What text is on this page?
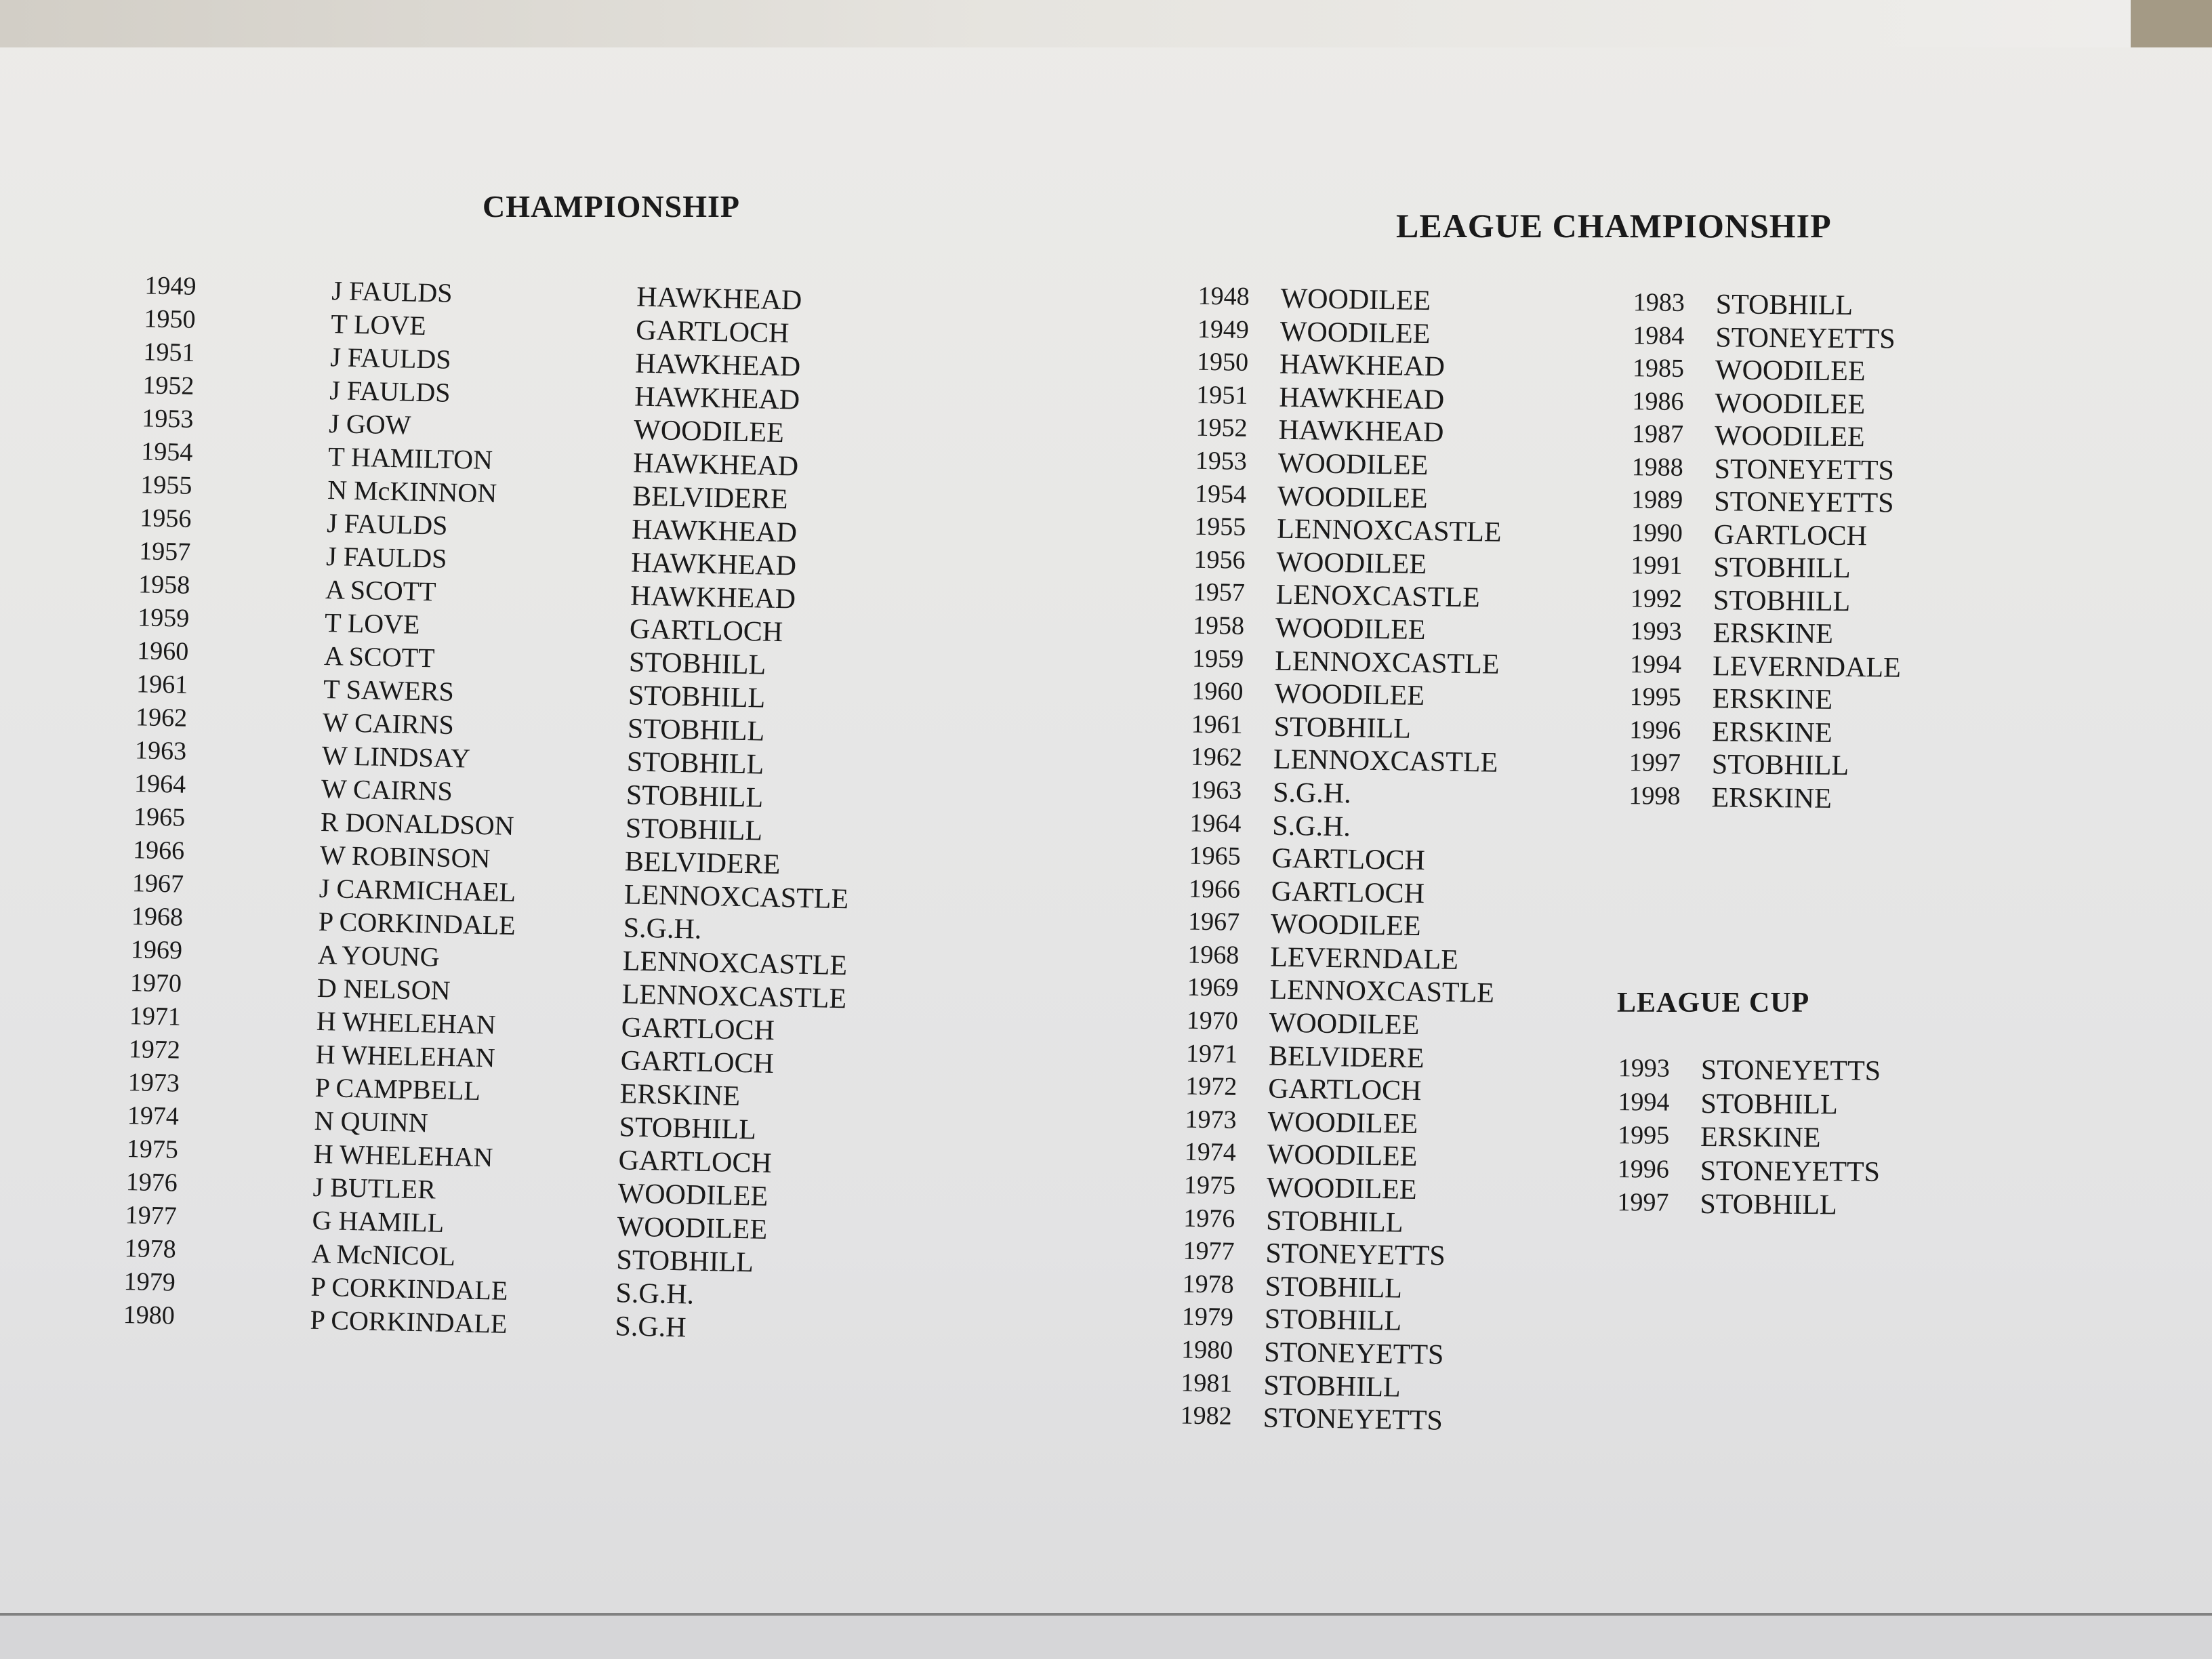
CHAMPIONSHIP
LEAGUE CHAMPIONSHIP
LEAGUE CUP
1949	J FAULDS	HAWKHEAD
1950	T LOVE	GARTLOCH
1951	J FAULDS	HAWKHEAD
1952	J FAULDS	HAWKHEAD
1953	J GOW	WOODILEE
1954	T HAMILTON	HAWKHEAD
1955	N McKINNON	BELVIDERE
1956	J FAULDS	HAWKHEAD
1957	J FAULDS	HAWKHEAD
1958	A SCOTT	HAWKHEAD
1959	T LOVE	GARTLOCH
1960	A SCOTT	STOBHILL
1961	T SAWERS	STOBHILL
1962	W CAIRNS	STOBHILL
1963	W LINDSAY	STOBHILL
1964	W CAIRNS	STOBHILL
1965	R DONALDSON	STOBHILL
1966	W ROBINSON	BELVIDERE
1967	J CARMICHAEL	LENNOXCASTLE
1968	P CORKINDALE	S.G.H.
1969	A YOUNG	LENNOXCASTLE
1970	D NELSON	LENNOXCASTLE
1971	H WHELEHAN	GARTLOCH
1972	H WHELEHAN	GARTLOCH
1973	P CAMPBELL	ERSKINE
1974	N QUINN	STOBHILL
1975	H WHELEHAN	GARTLOCH
1976	J BUTLER	WOODILEE
1977	G HAMILL	WOODILEE
1978	A McNICOL	STOBHILL
1979	P CORKINDALE	S.G.H.
1980	P CORKINDALE	S.G.H
1948 WOODILEE
1949 WOODILEE
1950 HAWKHEAD
1951 HAWKHEAD
1952 HAWKHEAD
1953 WOODILEE
1954 WOODILEE
1955 LENNOXCASTLE
1956 WOODILEE
1957 LENOXCASTLE
1958 WOODILEE
1959 LENNOXCASTLE
1960 WOODILEE
1961 STOBHILL
1962 LENNOXCASTLE
1963 S.G.H.
1964 S.G.H.
1965 GARTLOCH
1966 GARTLOCH
1967 WOODILEE
1968 LEVERNDALE
1969 LENNOXCASTLE
1970 WOODILEE
1971 BELVIDERE
1972 GARTLOCH
1973 WOODILEE
1974 WOODILEE
1975 WOODILEE
1976 STOBHILL
1977 STONEYETTS
1978 STOBHILL
1979 STOBHILL
1980 STONEYETTS
1981 STOBHILL
1982 STONEYETTS
1983 STOBHILL
1984 STONEYETTS
1985 WOODILEE
1986 WOODILEE
1987 WOODILEE
1988 STONEYETTS
1989 STONEYETTS
1990 GARTLOCH
1991 STOBHILL
1992 STOBHILL
1993 ERSKINE
1994 LEVERNDALE
1995 ERSKINE
1996 ERSKINE
1997 STOBHILL
1998 ERSKINE
1993 STONEYETTS
1994 STOBHILL
1995 ERSKINE
1996 STONEYETTS
1997 STOBHILL
